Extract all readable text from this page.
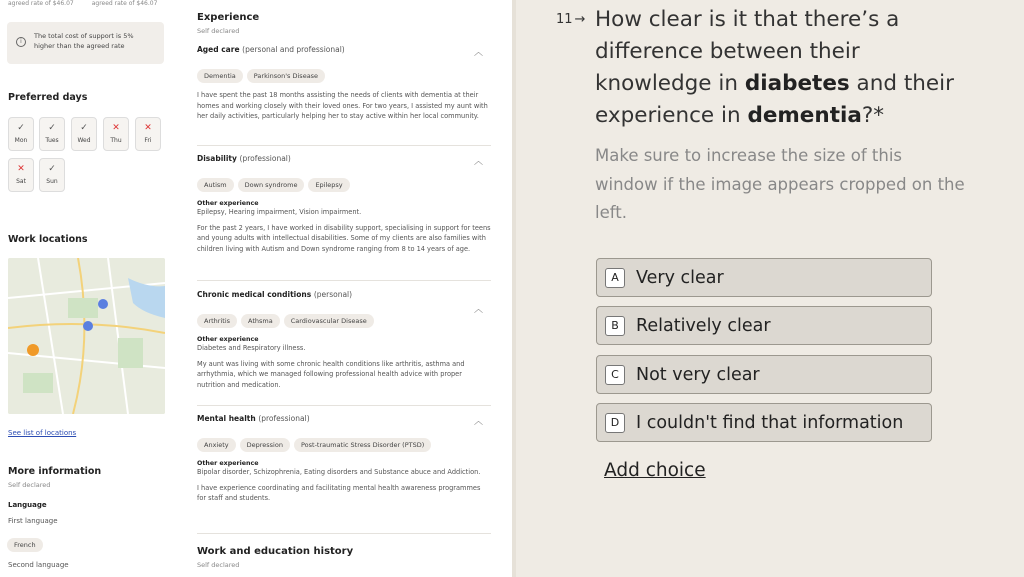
agreed rate of $46.07	agreed rate of $46.07
i
The total cost of support is 5% higher than the agreed rate
Preferred days
✓
Mon
✓
Tues
✓
Wed
✕
Thu
✕
Fri
✕
Sat
✓
Sun
Work locations
See list of locations
More information
Self declared
Language
First language
French
Second language
Experience
Self declared
Aged care (personal and professional)	︿
Dementia	Parkinson's Disease
I have spent the past 18 months assisting the needs of clients with dementia at their homes and working closely with their loved ones. For two years, I assisted my aunt with her daily activities, particularly helping her to stay active within her local community.
Disability (professional)	︿
Autism	Down syndrome	Epilepsy
Other experience
Epilepsy, Hearing impairment, Vision impairment.
For the past 2 years, I have worked in disability support, specialising in support for teens and young adults with intellectual disabilities. Some of my clients are also families with children living with Autism and Down syndrome ranging from 8 to 14 years of age.
Chronic medical conditions (personal)
︿
Arthritis	Athsma	Cardiovascular Disease
Other experience
Diabetes and Respiratory illness.
My aunt was living with some chronic health conditions like arthritis, asthma and arrhythmia, which we managed following professional health advice with proper nutrition and medication.
Mental health (professional)	︿
Anxiety	Depression	Post-traumatic Stress Disorder (PTSD)
Other experience
Bipolar disorder, Schizophrenia, Eating disorders and Substance abuce and Addiction.
I have experience coordinating and facilitating mental health awareness programmes for staff and students.
Work and education history
Self declared
11 → How clear is it that there’s a difference between their knowledge in diabetes and their experience in dementia?*
Make sure to increase the size of this window if the image appears cropped on the left.
A Very clear
B Relatively clear
C Not very clear
D I couldn't find that information
Add choice
